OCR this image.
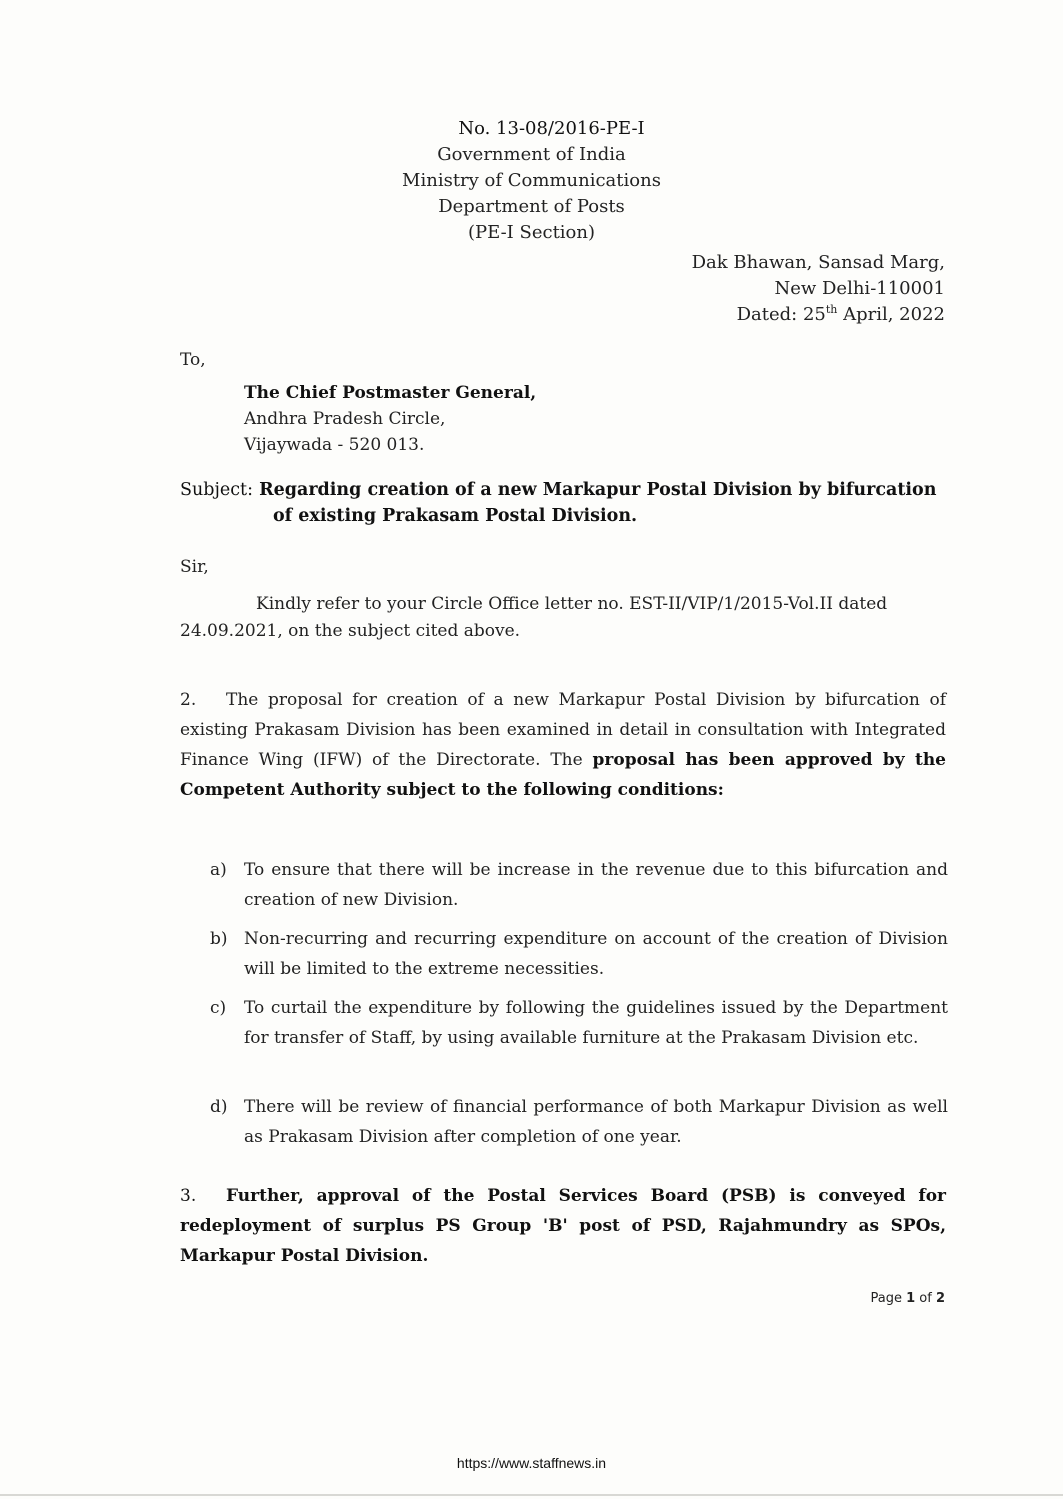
No. 13-08/2016-PE-I
Government of India
Ministry of Communications
Department of Posts
(PE-I Section)
Dak Bhawan, Sansad Marg,
New Delhi-110001
Dated: 25th April, 2022
To,
The Chief Postmaster General,
Andhra Pradesh Circle,
Vijaywada - 520 013.
Subject: Regarding creation of a new Markapur Postal Division by bifurcation
of existing Prakasam Postal Division.
Sir,
Kindly refer to your Circle Office letter no. EST-II/VIP/1/2015-Vol.II dated 24.09.2021, on the subject cited above.
2. The proposal for creation of a new Markapur Postal Division by bifurcation of existing Prakasam Division has been examined in detail in consultation with Integrated Finance Wing (IFW) of the Directorate. The proposal has been approved by the Competent Authority subject to the following conditions:
a)	To ensure that there will be increase in the revenue due to this bifurcation and creation of new Division.
b) Non-recurring and recurring expenditure on account of the creation of Division will be limited to the extreme necessities.
c)	To curtail the expenditure by following the guidelines issued by the Department for transfer of Staff, by using available furniture at the Prakasam Division etc.
d) There will be review of financial performance of both Markapur Division as well as Prakasam Division after completion of one year.
3. Further, approval of the Postal Services Board (PSB) is conveyed for redeployment of surplus PS Group 'B' post of PSD, Rajahmundry as SPOs, Markapur Postal Division.
Page 1 of 2
https://www.staffnews.in
